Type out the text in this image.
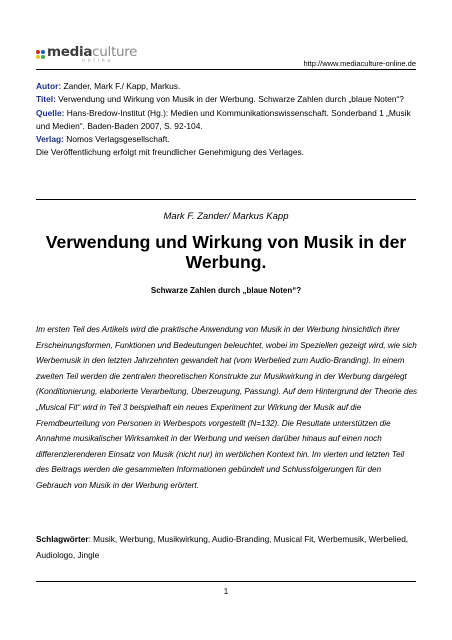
mediaculture
online	http://www.mediaculture-online.de

Autor: Zander, Mark F./ Kapp, Markus.

Titel: Verwendung und Wirkung von Musik in der Werbung. Schwarze Zahlen durch „blaue Noten“?

Quelle: Hans-Bredow-Institut (Hg.): Medien und Kommunikationswissenschaft. Sonderband 1 „Musik und Medien“. Baden-Baden 2007, S. 92-104.

Verlag: Nomos Verlagsgesellschaft.

Die Veröffentlichung erfolgt mit freundlicher Genehmigung des Verlages.

Mark F. Zander/ Markus Kapp
Verwendung und Wirkung von Musik in der Werbung.
Schwarze Zahlen durch „blaue Noten“?

Im ersten Teil des Artikels wird die praktische Anwendung von Musik in der Werbung hinsichtlich ihrer Erscheinungsformen, Funktionen und Bedeutungen beleuchtet, wobei im Speziellen gezeigt wird, wie sich Werbemusik in den letzten Jahrzehnten gewandelt hat (vom Werbelied zum Audio-Branding). In einem zweiten Teil werden die zentralen theoretischen Konstrukte zur Musikwirkung in der Werbung dargelegt (Konditionierung, elaborierte Verarbeitung, Überzeugung, Passung). Auf dem Hintergrund der Theorie des „Musical Fit“ wird in Teil 3 beispielhaft ein neues Experiment zur Wirkung der Musik auf die Fremdbeurteilung von Personen in Werbespots vorgestellt (N=132). Die Resultate unterstützen die Annahme musikalischer Wirksamkeit in der Werbung und weisen darüber hinaus auf einen noch differenzierenderen Einsatz von Musik (nicht nur) im werblichen Kontext hin. Im vierten und letzten Teil des Beitrags werden die gesammelten Informationen gebündelt und Schlussfolgerungen für den Gebrauch von Musik in der Werbung erörtert.

Schlagwörter: Musik, Werbung, Musikwirkung, Audio-Branding, Musical Fit, Werbemusik, Werbelied, Audiologo, Jingle

1
